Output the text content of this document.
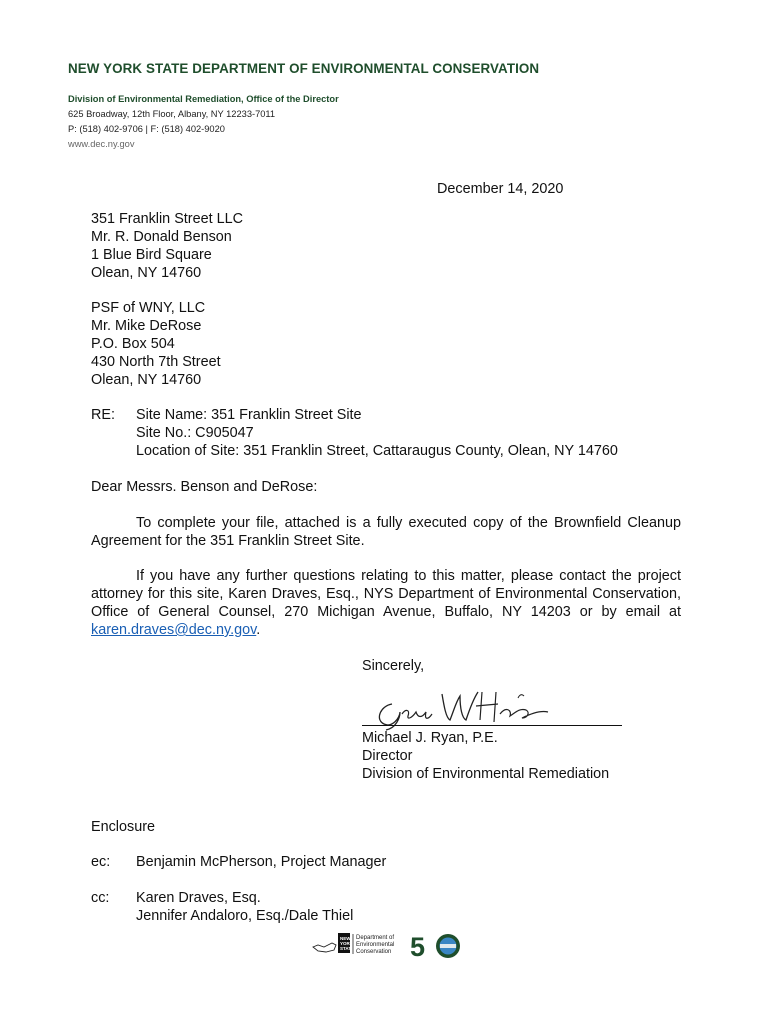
NEW YORK STATE DEPARTMENT OF ENVIRONMENTAL CONSERVATION
Division of Environmental Remediation, Office of the Director
625 Broadway, 12th Floor, Albany, NY 12233-7011
P: (518) 402-9706 | F: (518) 402-9020
www.dec.ny.gov
December 14, 2020
351 Franklin Street LLC
Mr. R. Donald Benson
1 Blue Bird Square
Olean, NY 14760
PSF of WNY, LLC
Mr. Mike DeRose
P.O. Box 504
430 North 7th Street
Olean, NY 14760
RE: Site Name: 351 Franklin Street Site
Site No.: C905047
Location of Site: 351 Franklin Street, Cattaraugus County, Olean, NY 14760
Dear Messrs. Benson and DeRose:
To complete your file, attached is a fully executed copy of the Brownfield Cleanup Agreement for the 351 Franklin Street Site.
If you have any further questions relating to this matter, please contact the project attorney for this site, Karen Draves, Esq., NYS Department of Environmental Conservation, Office of General Counsel, 270 Michigan Avenue, Buffalo, NY 14203 or by email at karen.draves@dec.ny.gov.
Sincerely,
Michael J. Ryan, P.E.
Director
Division of Environmental Remediation
Enclosure
ec: Benjamin McPherson, Project Manager
cc: Karen Draves, Esq.
Jennifer Andaloro, Esq./Dale Thiel
NEW
YORK
STATE
Department of
Environmental
Conservation 5
